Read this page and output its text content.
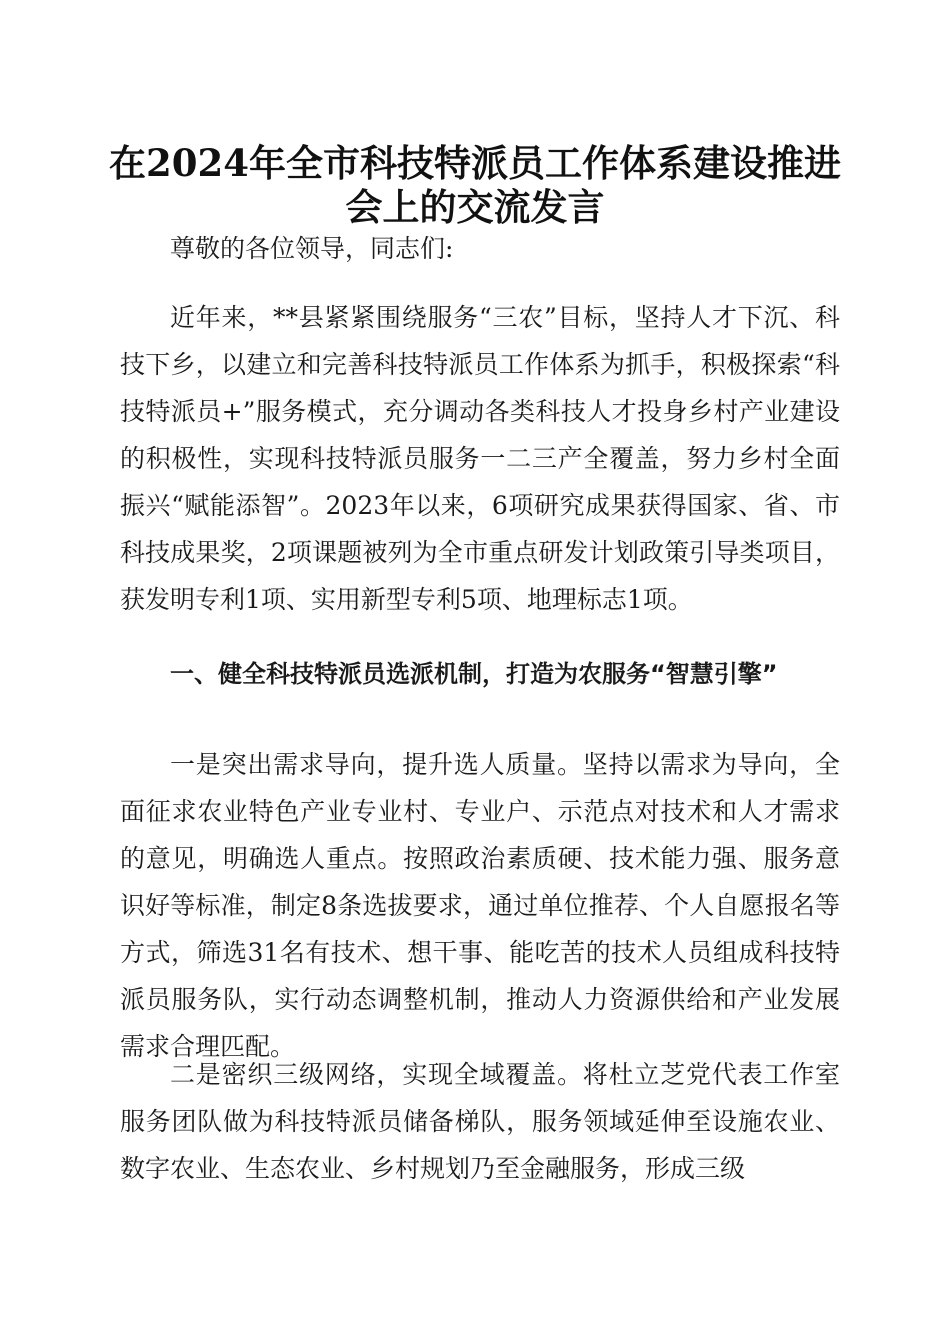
在2024年全市科技特派员工作体系建设推进
会上的交流发言

尊敬的各位领导，同志们:

近年来，**县紧紧围绕服务“三农”目标，坚持人才下沉、科技下乡，以建立和完善科技特派员工作体系为抓手，积极探索“科技特派员+”服务模式，充分调动各类科技人才投身乡村产业建设的积极性，实现科技特派员服务一二三产全覆盖，努力乡村全面振兴“赋能添智”。2023年以来，6项研究成果获得国家、省、市科技成果奖，2项课题被列为全市重点研发计划政策引导类项目，获发明专利1项、实用新型专利5项、地理标志1项。

一、健全科技特派员选派机制，打造为农服务“智慧引擎”

一是突出需求导向，提升选人质量。坚持以需求为导向，全面征求农业特色产业专业村、专业户、示范点对技术和人才需求的意见，明确选人重点。按照政治素质硬、技术能力强、服务意识好等标准，制定8条选拔要求，通过单位推荐、个人自愿报名等方式，筛选31名有技术、想干事、能吃苦的技术人员组成科技特派员服务队，实行动态调整机制，推动人力资源供给和产业发展需求合理匹配。

二是密织三级网络，实现全域覆盖。将杜立芝党代表工作室服务团队做为科技特派员储备梯队，服务领域延伸至设施农业、数字农业、生态农业、乡村规划乃至金融服务，形成三级
